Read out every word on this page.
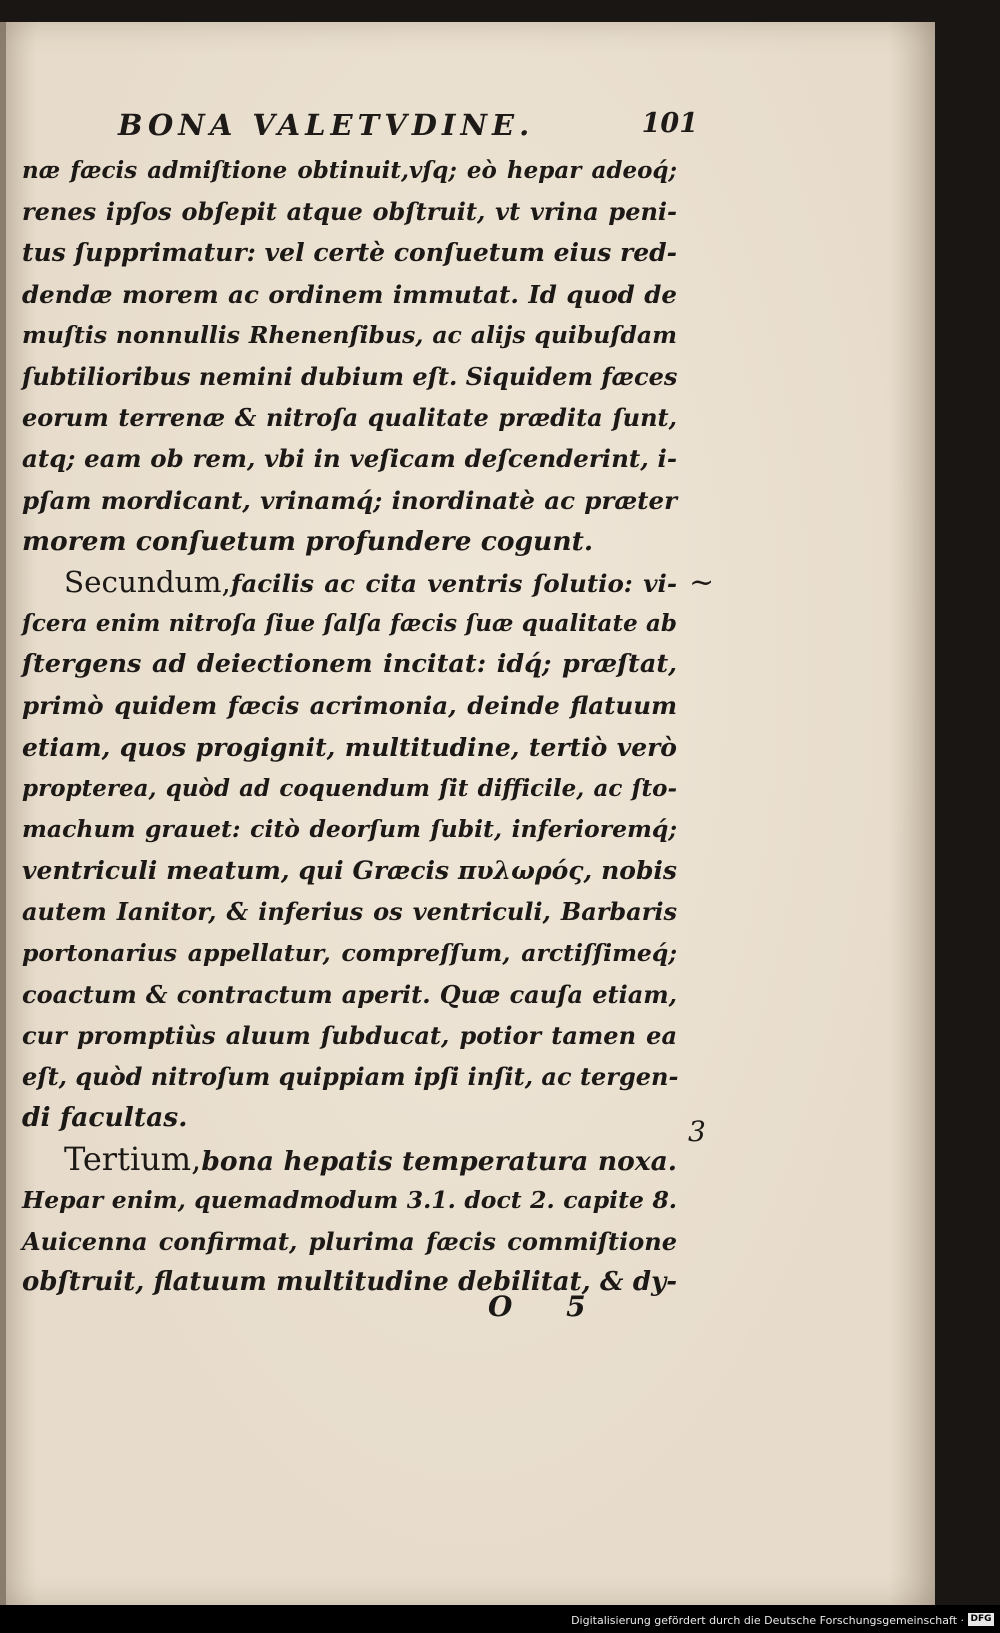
BONA VALETVDINE.	101
næ fæcis admiſtione obtinuit,vſq; eò hepar adeoq́;
renes ipſos obſepit atque obſtruit, vt vrina peni-
tus ſupprimatur: vel certè conſuetum eius red-
dendæ morem ac ordinem immutat. Id quod de
muſtis nonnullis Rhenenſibus, ac alijs quibuſdam
ſubtilioribus nemini dubium eſt. Siquidem fæces
eorum terrenæ & nitroſa qualitate prædita ſunt,
atq; eam ob rem, vbi in veſicam deſcenderint, i-
pſam mordicant, vrinamq́; inordinatè ac præter
morem conſuetum profundere cogunt.
Secundum,facilis ac cita ventris ſolutio: vi-
ſcera enim nitroſa ſiue ſalſa fæcis ſuæ qualitate ab
ſtergens ad deiectionem incitat: idq́; præſtat,
primò quidem fæcis acrimonia, deinde flatuum
etiam, quos progignit, multitudine, tertiò verò
propterea, quòd ad coquendum ſit difficile, ac ſto-
machum grauet: citò deorſum ſubit, inferioremq́;
ventriculi meatum, qui Græcis πυλωρός, nobis
autem Ianitor, & inferius os ventriculi, Barbaris
portonarius appellatur, compreſſum, arctiſſimeq́;
coactum & contractum aperit. Quæ cauſa etiam,
cur promptiùs aluum ſubducat, potior tamen ea
eſt, quòd nitroſum quippiam ipſi inſit, ac tergen-
di facultas.
Tertium,bona hepatis temperatura noxa.
Hepar enim, quemadmodum 3.1. doct 2. capite 8.
Auicenna confirmat, plurima fæcis commiſtione
obſtruit, flatuum multitudine debilitat, & dy-
~
3
O 5
Digitalisierung gefördert durch die Deutsche Forschungsgemeinschaft · DFG
